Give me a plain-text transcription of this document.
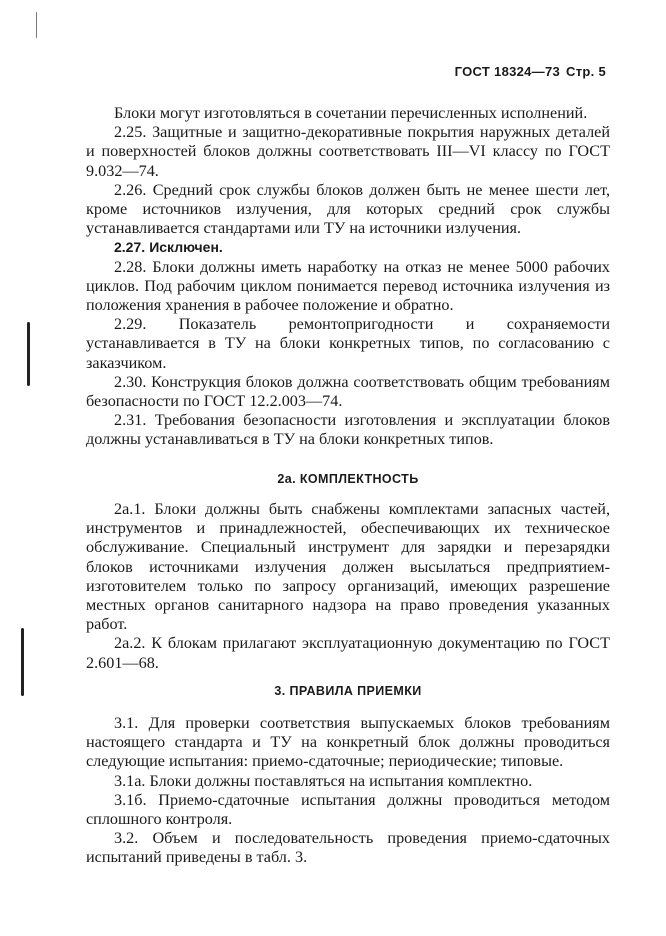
ГОСТ 18324—73 Стр. 5

Блоки могут изготовляться в сочетании перечисленных исполнений.

2.25. Защитные и защитно-декоративные покрытия наружных деталей и поверхностей блоков должны соответствовать III—VI классу по ГОСТ 9.032—74.

2.26. Средний срок службы блоков должен быть не менее шести лет, кроме источников излучения, для которых средний срок службы устанавливается стандартами или ТУ на источники излучения.

2.27. Исключен.

2.28. Блоки должны иметь наработку на отказ не менее 5000 рабочих циклов. Под рабочим циклом понимается перевод источника излучения из положения хранения в рабочее положение и обратно.

2.29. Показатель ремонтопригодности и сохраняемости устанавливается в ТУ на блоки конкретных типов, по согласованию с заказчиком.

2.30. Конструкция блоков должна соответствовать общим требованиям безопасности по ГОСТ 12.2.003—74.

2.31. Требования безопасности изготовления и эксплуатации блоков должны устанавливаться в ТУ на блоки конкретных типов.

2а. КОМПЛЕКТНОСТЬ

2а.1. Блоки должны быть снабжены комплектами запасных частей, инструментов и принадлежностей, обеспечивающих их техническое обслуживание. Специальный инструмент для зарядки и перезарядки блоков источниками излучения должен высылаться предприятием-изготовителем только по запросу организаций, имеющих разрешение местных органов санитарного надзора на право проведения указанных работ.

2а.2. К блокам прилагают эксплуатационную документацию по ГОСТ 2.601—68.

3. ПРАВИЛА ПРИЕМКИ

3.1. Для проверки соответствия выпускаемых блоков требованиям настоящего стандарта и ТУ на конкретный блок должны проводиться следующие испытания: приемо-сдаточные; периодические; типовые.

3.1а. Блоки должны поставляться на испытания комплектно.

3.1б. Приемо-сдаточные испытания должны проводиться методом сплошного контроля.

3.2. Объем и последовательность проведения приемо-сдаточных испытаний приведены в табл. 3.
